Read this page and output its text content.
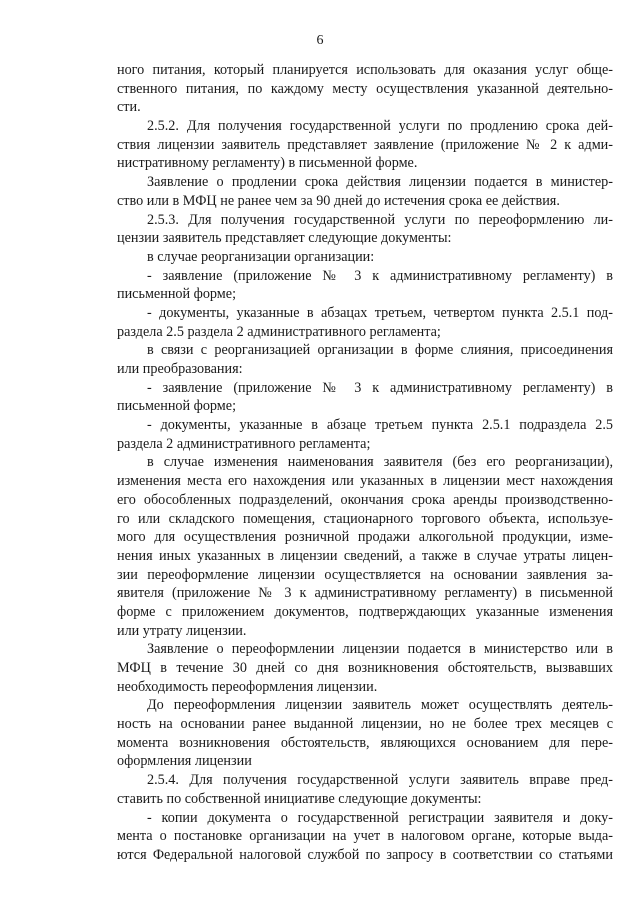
6
ного питания, который планируется использовать для оказания услуг обще-
ственного питания, по каждому месту осуществления указанной деятельно-
сти.
2.5.2. Для получения государственной услуги по продлению срока дей-
ствия лицензии заявитель представляет заявление (приложение № 2 к адми-
нистративному регламенту) в письменной форме.
Заявление о продлении срока действия лицензии подается в министер-
ство или в МФЦ не ранее чем за 90 дней до истечения срока ее действия.
2.5.3. Для получения государственной услуги по переоформлению ли-
цензии заявитель представляет следующие документы:
в случае реорганизации организации:
- заявление (приложение № 3 к административному регламенту) в
письменной форме;
- документы, указанные в абзацах третьем, четвертом пункта 2.5.1 под-
раздела 2.5 раздела 2 административного регламента;
в связи с реорганизацией организации в форме слияния, присоединения
или преобразования:
- заявление (приложение № 3 к административному регламенту) в
письменной форме;
- документы, указанные в абзаце третьем пункта 2.5.1 подраздела 2.5
раздела 2 административного регламента;
в случае изменения наименования заявителя (без его реорганизации),
изменения места его нахождения или указанных в лицензии мест нахождения
его обособленных подразделений, окончания срока аренды производственно-
го или складского помещения, стационарного торгового объекта, используе-
мого для осуществления розничной продажи алкогольной продукции, изме-
нения иных указанных в лицензии сведений, а также в случае утраты лицен-
зии переоформление лицензии осуществляется на основании заявления за-
явителя (приложение № 3 к административному регламенту) в письменной
форме с приложением документов, подтверждающих указанные изменения
или утрату лицензии.
Заявление о переоформлении лицензии подается в министерство или в
МФЦ в течение 30 дней со дня возникновения обстоятельств, вызвавших
необходимость переоформления лицензии.
До переоформления лицензии заявитель может осуществлять деятель-
ность на основании ранее выданной лицензии, но не более трех месяцев с
момента возникновения обстоятельств, являющихся основанием для пере-
оформления лицензии
2.5.4. Для получения государственной услуги заявитель вправе пред-
ставить по собственной инициативе следующие документы:
- копии документа о государственной регистрации заявителя и доку-
мента о постановке организации на учет в налоговом органе, которые выда-
ются Федеральной налоговой службой по запросу в соответствии со статьями
